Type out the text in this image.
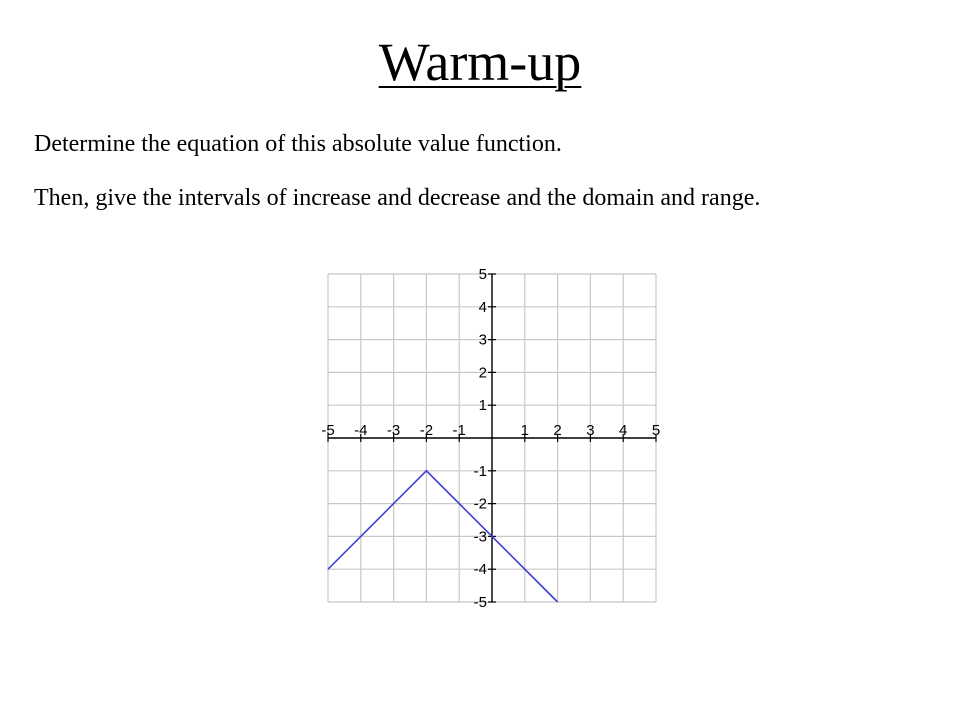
Warm-up

Determine the equation of this absolute value function.

Then, give the intervals of increase and decrease and the domain and range.

-5 -4 -3 -2 -1	1 2 3 4 5
5
4
3
2
1
-1
-2
-3
-4
-5
